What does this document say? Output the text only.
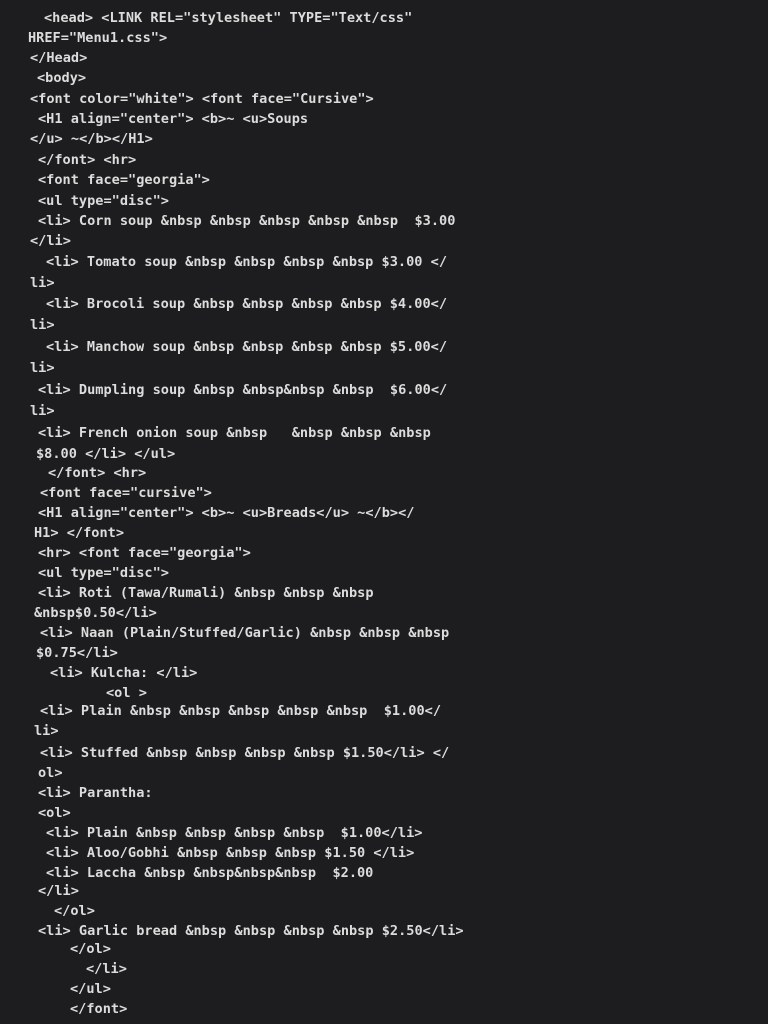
<head> <LINK REL="stylesheet" TYPE="Text/css"
HREF="Menu1.css">
</Head>
<body>
<font color="white"> <font face="Cursive">
<H1 align="center"> <b>~ <u>Soups
</u> ~</b></H1>
</font> <hr>
<font face="georgia">
<ul type="disc">
<li> Corn soup &nbsp &nbsp &nbsp &nbsp &nbsp  $3.00
</li>
<li> Tomato soup &nbsp &nbsp &nbsp &nbsp $3.00 </
li>
<li> Brocoli soup &nbsp &nbsp &nbsp &nbsp $4.00</
li>
<li> Manchow soup &nbsp &nbsp &nbsp &nbsp $5.00</
li>
<li> Dumpling soup &nbsp &nbsp&nbsp &nbsp  $6.00</
li>
<li> French onion soup &nbsp   &nbsp &nbsp &nbsp
$8.00 </li> </ul>
</font> <hr>
<font face="cursive">
<H1 align="center"> <b>~ <u>Breads</u> ~</b></
H1> </font>
<hr> <font face="georgia">
<ul type="disc">
<li> Roti (Tawa/Rumali) &nbsp &nbsp &nbsp
&nbsp$0.50</li>
<li> Naan (Plain/Stuffed/Garlic) &nbsp &nbsp &nbsp
$0.75</li>
<li> Kulcha: </li>
<ol >
<li> Plain &nbsp &nbsp &nbsp &nbsp &nbsp  $1.00</
li>
<li> Stuffed &nbsp &nbsp &nbsp &nbsp $1.50</li> </
ol>
<li> Parantha:
<ol>
<li> Plain &nbsp &nbsp &nbsp &nbsp  $1.00</li>
<li> Aloo/Gobhi &nbsp &nbsp &nbsp $1.50 </li>
<li> Laccha &nbsp &nbsp&nbsp&nbsp  $2.00
</li>
</ol>
<li> Garlic bread &nbsp &nbsp &nbsp &nbsp $2.50</li>
</ol>
</li>
</ul>
</font>
